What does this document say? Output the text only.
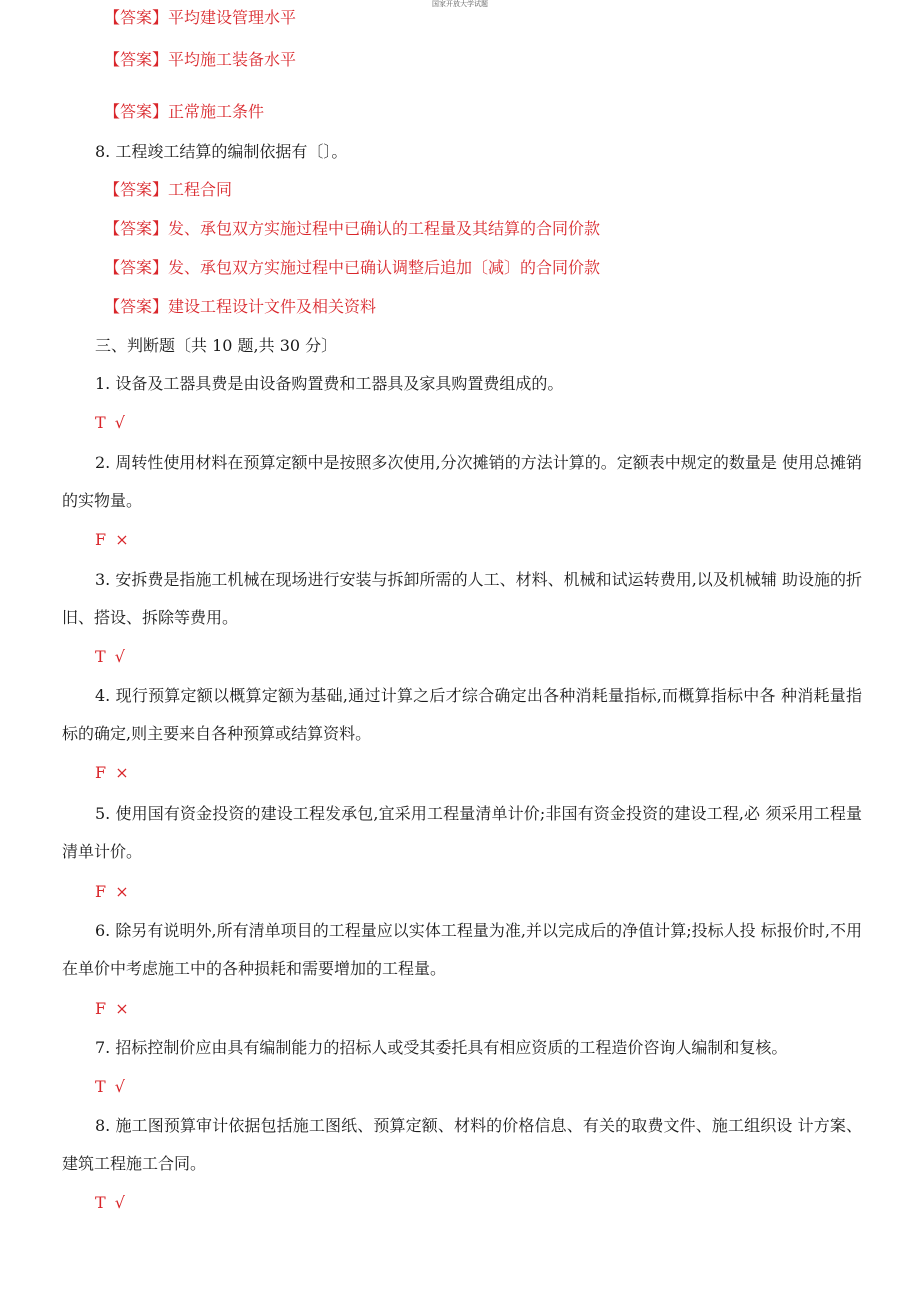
国家开放大学试题
【答案】平均建设管理水平
【答案】平均施工装备水平
【答案】正常施工条件
8. 工程竣工结算的编制依据有〔〕。
【答案】工程合同
【答案】发、承包双方实施过程中已确认的工程量及其结算的合同价款
【答案】发、承包双方实施过程中已确认调整后追加〔减〕的合同价款
【答案】建设工程设计文件及相关资料
三、判断题〔共 10 题,共 30 分〕
1. 设备及工器具费是由设备购置费和工器具及家具购置费组成的。
T √
2. 周转性使用材料在预算定额中是按照多次使用,分次摊销的方法计算的。定额表中规定的数量是 使用总摊销的实物量。
F ×
3. 安拆费是指施工机械在现场进行安装与拆卸所需的人工、材料、机械和试运转费用,以及机械辅 助设施的折旧、搭设、拆除等费用。
T √
4. 现行预算定额以概算定额为基础,通过计算之后才综合确定出各种消耗量指标,而概算指标中各 种消耗量指标的确定,则主要来自各种预算或结算资料。
F ×
5. 使用国有资金投资的建设工程发承包,宜采用工程量清单计价;非国有资金投资的建设工程,必 须采用工程量清单计价。
F ×
6. 除另有说明外,所有清单项目的工程量应以实体工程量为准,并以完成后的净值计算;投标人投 标报价时,不用在单价中考虑施工中的各种损耗和需要增加的工程量。
F ×
7. 招标控制价应由具有编制能力的招标人或受其委托具有相应资质的工程造价咨询人编制和复核。
T √
8. 施工图预算审计依据包括施工图纸、预算定额、材料的价格信息、有关的取费文件、施工组织设 计方案、建筑工程施工合同。
T √
